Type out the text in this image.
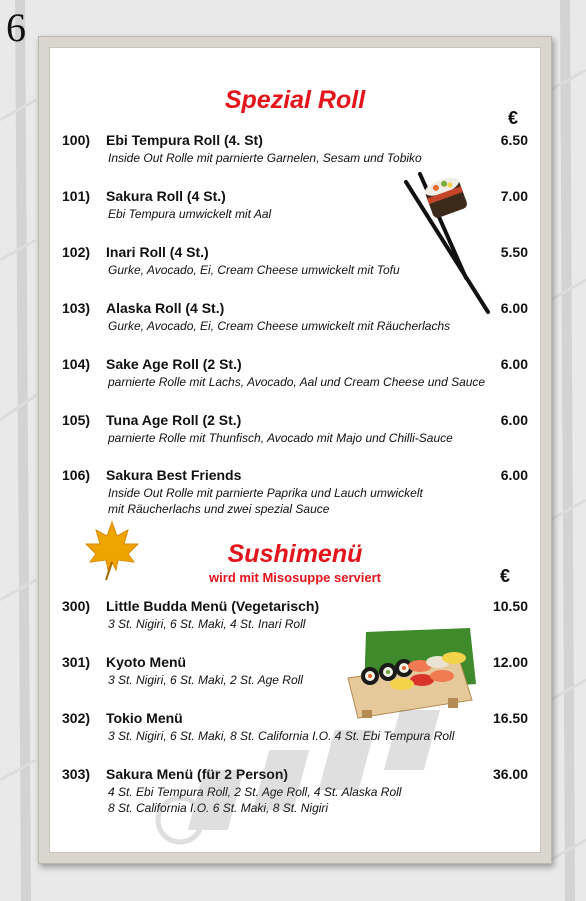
6
Spezial Roll
€
100) Ebi Tempura Roll (4. St)	6.50
Inside Out Rolle mit parnierte Garnelen, Sesam und Tobiko
101) Sakura Roll (4 St.)	7.00
Ebi Tempura umwickelt mit Aal
102) Inari Roll (4 St.)	5.50
Gurke, Avocado, Ei, Cream Cheese umwickelt mit Tofu
103) Alaska Roll (4 St.)	6.00
Gurke, Avocado, Ei, Cream Cheese umwickelt mit Räucherlachs
104) Sake Age Roll (2 St.)	6.00
parnierte Rolle mit Lachs, Avocado, Aal und Cream Cheese und Sauce
105) Tuna Age Roll (2 St.)	6.00
parnierte Rolle mit Thunfisch, Avocado mit Majo und Chilli-Sauce
106) Sakura Best Friends	6.00
Inside Out Rolle mit parnierte Paprika und Lauch umwickelt
mit Räucherlachs und zwei spezial Sauce
Sushimenü
wird mit Misosuppe serviert	€
300) Little Budda Menü (Vegetarisch)	10.50
3 St. Nigiri, 6 St. Maki, 4 St. Inari Roll
301) Kyoto Menü	12.00
3 St. Nigiri, 6 St. Maki, 2 St. Age Roll
302) Tokio Menü	16.50
3 St. Nigiri, 6 St. Maki, 8 St. California I.O. 4 St. Ebi Tempura Roll
303) Sakura Menü (für 2 Person)	36.00
4 St. Ebi Tempura Roll, 2 St. Age Roll, 4 St. Alaska Roll
8 St. California I.O. 6 St. Maki, 8 St. Nigiri
